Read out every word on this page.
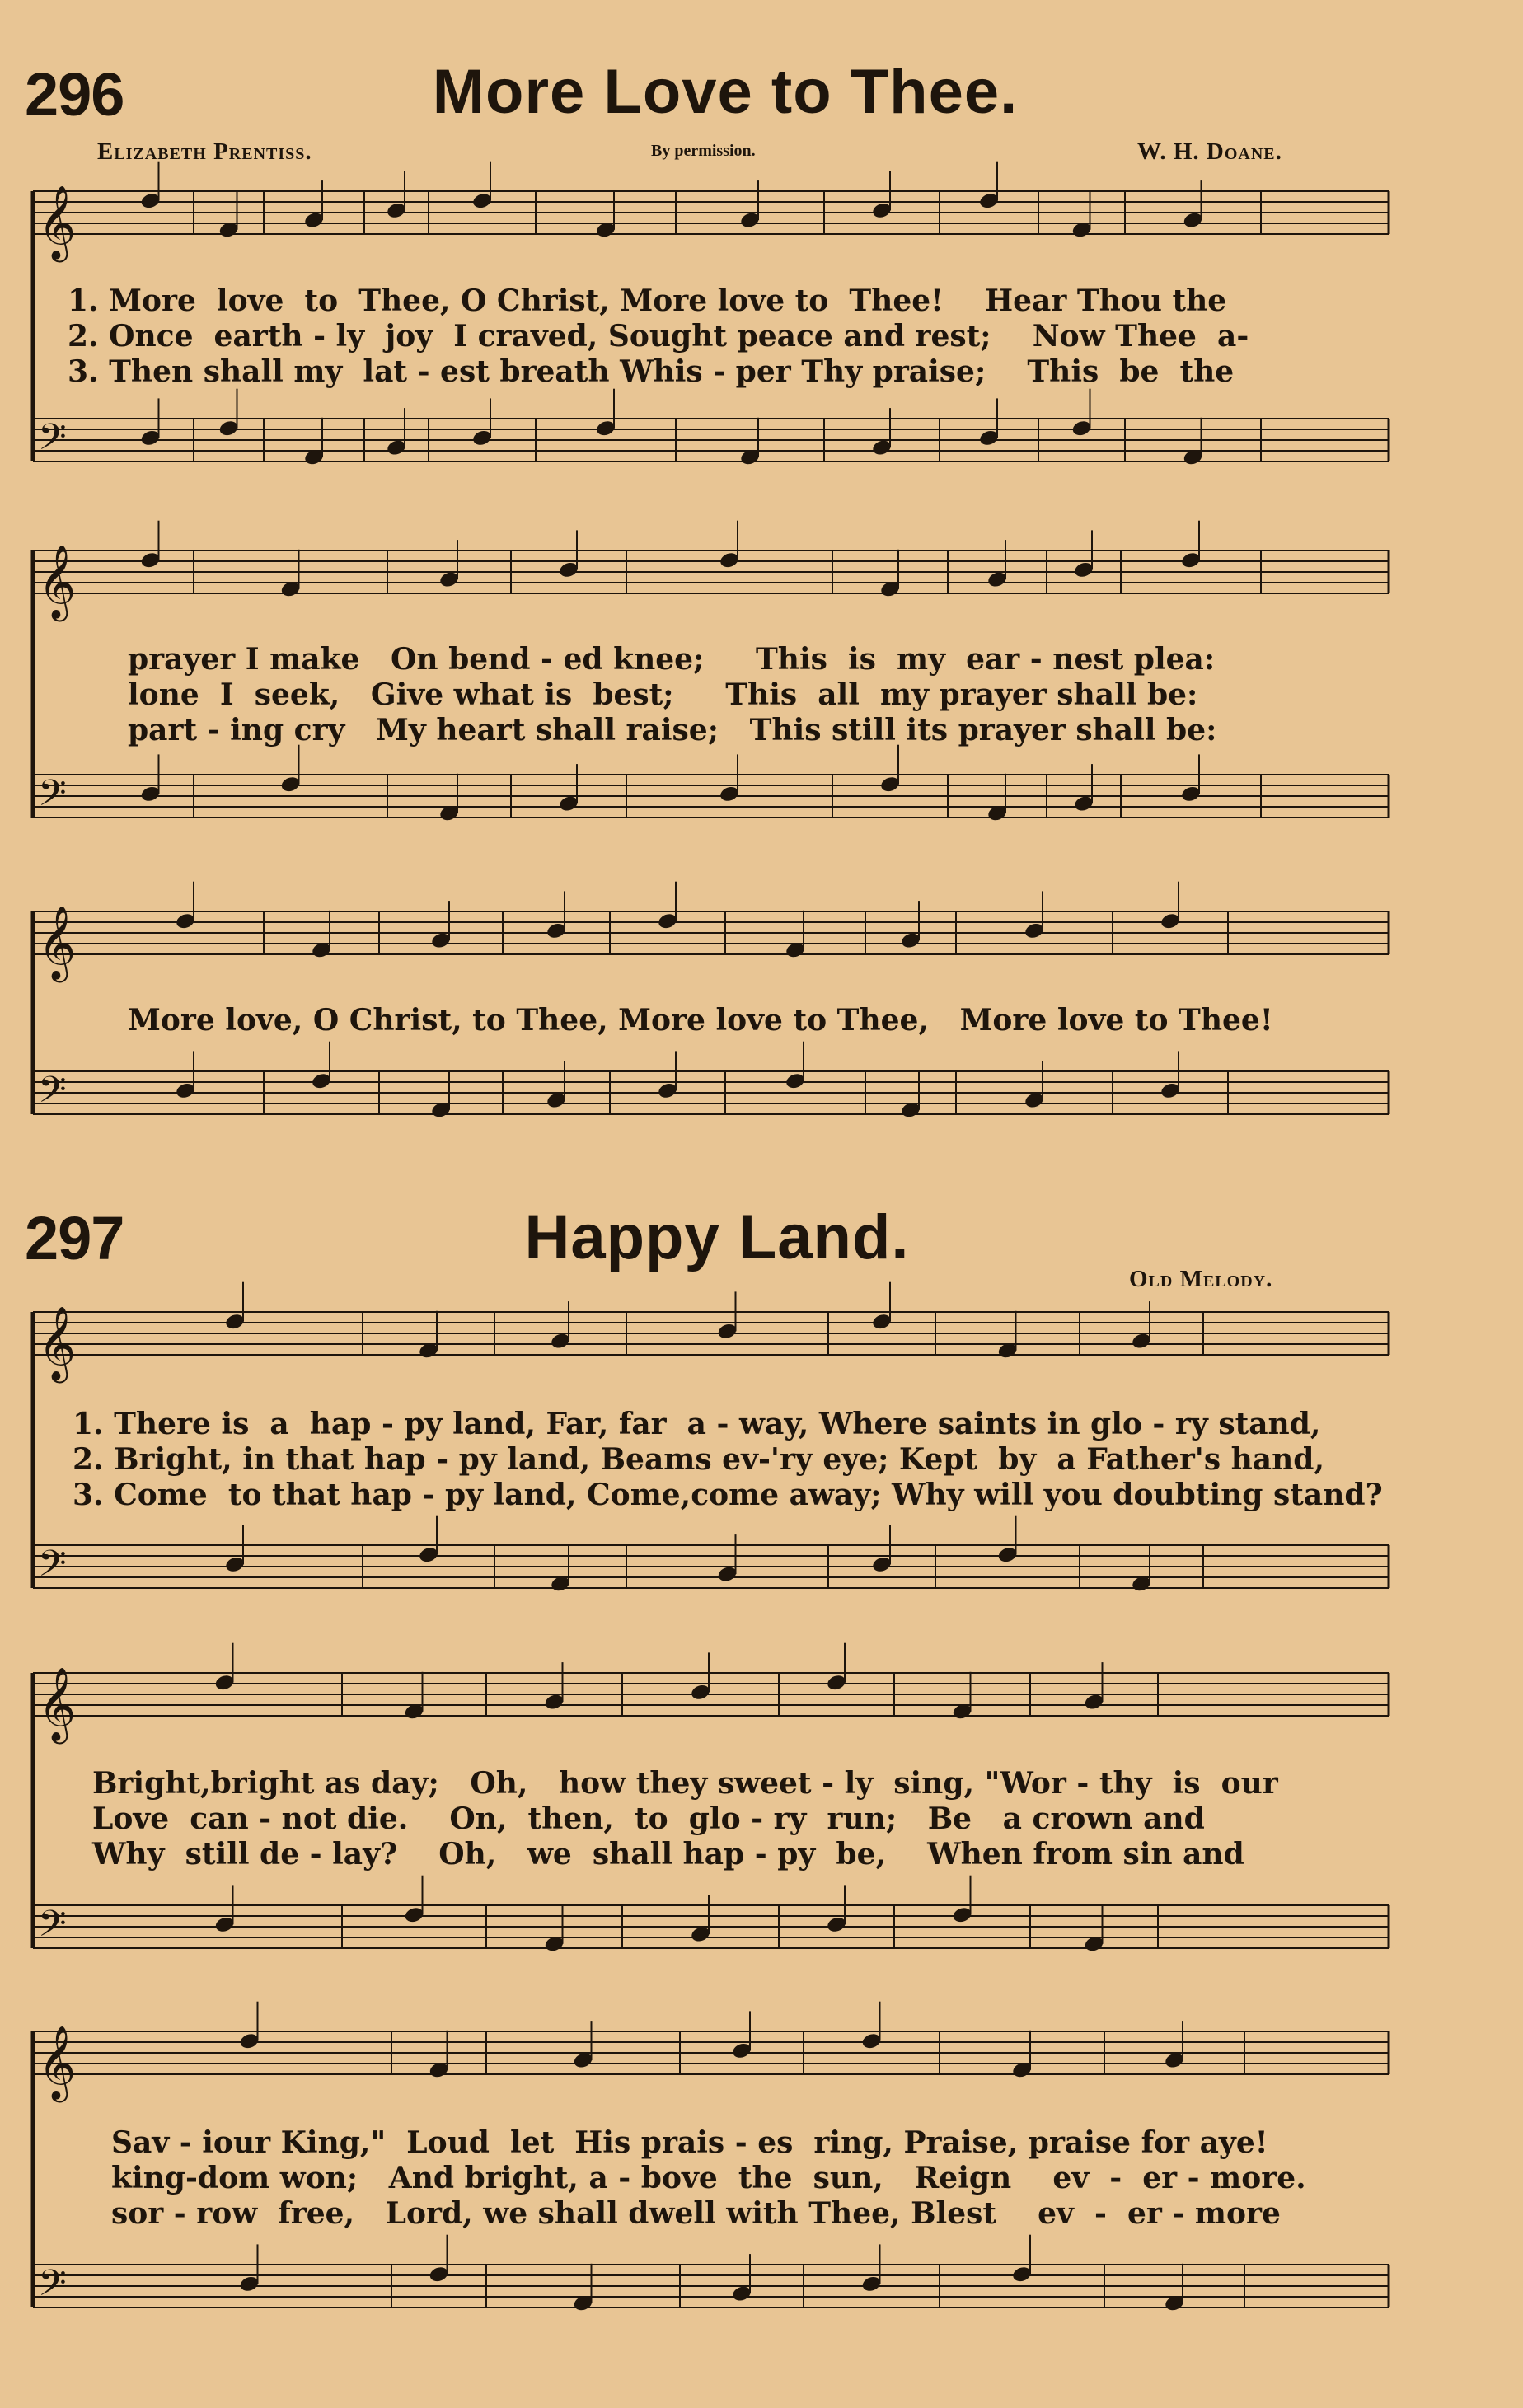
296	More Love to Thee.
Elizabeth Prentiss.	By permission.	W. H. Doane.
𝄞
𝄢
𝄞
𝄢
𝄞
𝄢
𝄞
𝄢
𝄞
𝄢
𝄞
𝄢
1. More  love  to  Thee, O Christ, More love to  Thee!    Hear Thou the
2. Once  earth - ly  joy  I craved, Sought peace and rest;    Now Thee  a-
3. Then shall my  lat - est breath Whis - per Thy praise;    This  be  the
prayer I make   On bend - ed knee;     This  is  my  ear - nest plea:
lone  I  seek,   Give what is  best;     This  all  my prayer shall be:
part - ing cry   My heart shall raise;   This still its prayer shall be:
More love, O Christ, to Thee, More love to Thee,   More love to Thee!
297	Happy Land.
Old Melody.
1. There is  a  hap - py land, Far, far  a - way, Where saints in glo - ry stand,
2. Bright, in that hap - py land, Beams ev-'ry eye; Kept  by  a Father's hand,
3. Come  to that hap - py land, Come,come away; Why will you doubting stand?
Bright,bright as day;   Oh,   how they sweet - ly  sing, "Wor - thy  is  our
Love  can - not die.    On,  then,  to  glo - ry  run;   Be   a crown and
Why  still de - lay?    Oh,   we  shall hap - py  be,    When from sin and
Sav - iour King,"  Loud  let  His prais - es  ring, Praise, praise for aye!
king-dom won;   And bright, a - bove  the  sun,   Reign    ev  -  er - more.
sor - row  free,   Lord, we shall dwell with Thee, Blest    ev  -  er - more
